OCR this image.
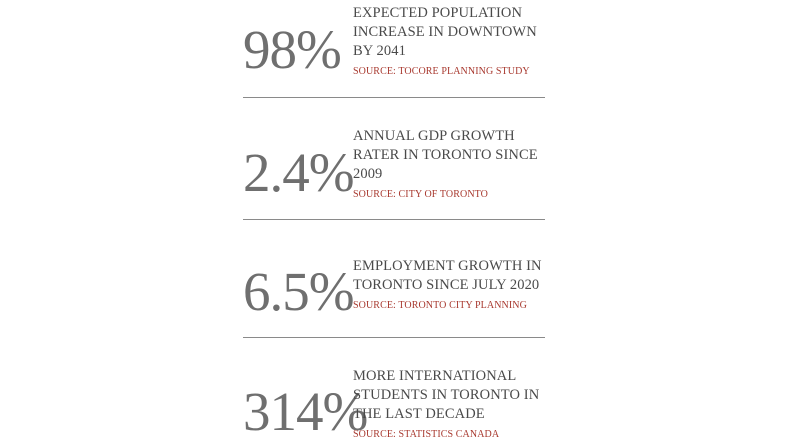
98%
EXPECTED POPULATION INCREASE IN DOWNTOWN BY 2041
SOURCE: TOCORE PLANNING STUDY
2.4%
ANNUAL GDP GROWTH RATER IN TORONTO SINCE 2009
SOURCE: CITY OF TORONTO
6.5% EMPLOYMENT GROWTH IN TORONTO SINCE JULY 2020
SOURCE: TORONTO CITY PLANNING
314%
MORE INTERNATIONAL STUDENTS IN TORONTO IN THE LAST DECADE
SOURCE: STATISTICS CANADA
